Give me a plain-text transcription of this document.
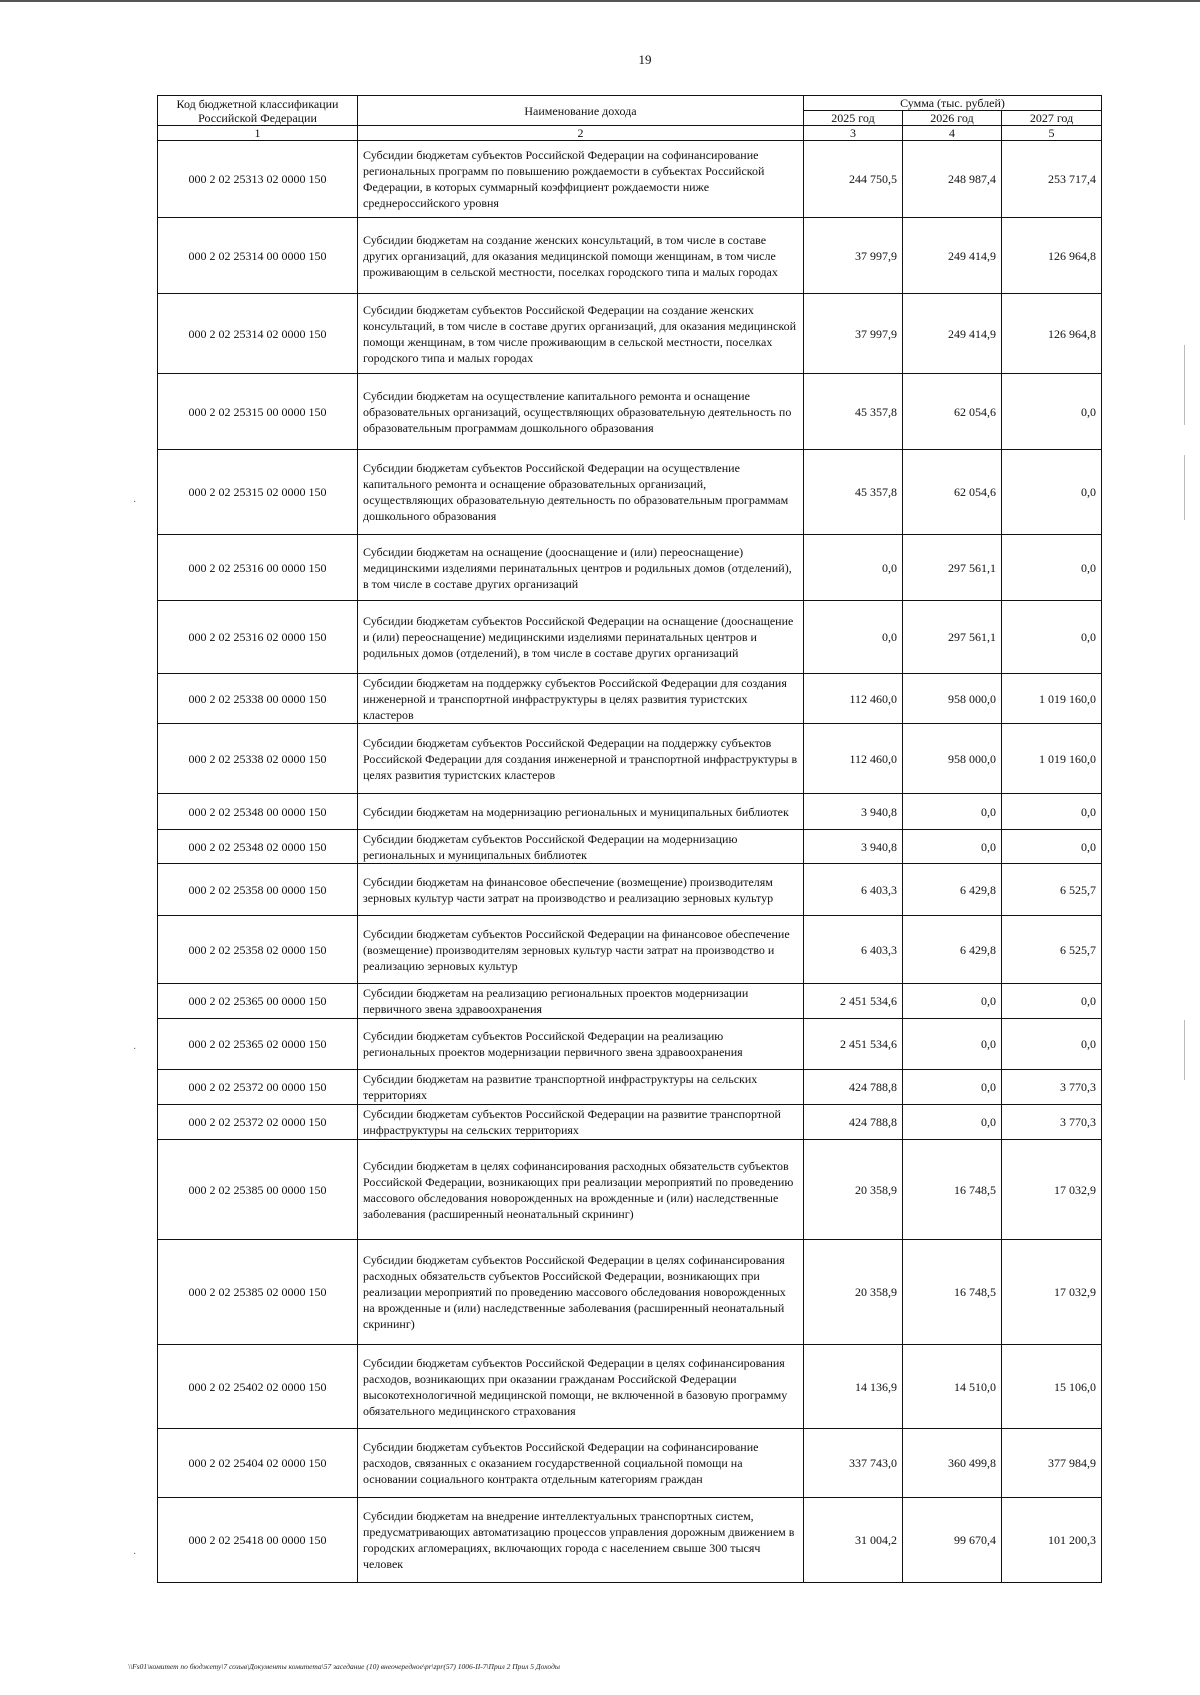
19
Код бюджетной классификации Российской Федерации	Наименование дохода	Сумма (тыс. рублей)		
		2025 год	2026 год	2027 год
1	2	3	4	5
000 2 02 25313 02 0000 150	Субсидии бюджетам субъектов Российской Федерации на софинансирование региональных программ по повышению рождаемости в субъектах Российской Федерации, в которых суммарный коэффициент рождаемости ниже среднероссийского уровня	244 750,5	248 987,4	253 717,4
000 2 02 25314 00 0000 150	Субсидии бюджетам на создание женских консультаций, в том числе в составе других организаций, для оказания медицинской помощи женщинам, в том числе проживающим в сельской местности, поселках городского типа и малых городах	37 997,9	249 414,9	126 964,8
000 2 02 25314 02 0000 150	Субсидии бюджетам субъектов Российской Федерации на создание женских консультаций, в том числе в составе других организаций, для оказания медицинской помощи женщинам, в том числе проживающим в сельской местности, поселках городского типа и малых городах	37 997,9	249 414,9	126 964,8
000 2 02 25315 00 0000 150	Субсидии бюджетам на осуществление капитального ремонта и оснащение образовательных организаций, осуществляющих образовательную деятельность по образовательным программам дошкольного образования	45 357,8	62 054,6	0,0
000 2 02 25315 02 0000 150	Субсидии бюджетам субъектов Российской Федерации на осуществление капитального ремонта и оснащение образовательных организаций, осуществляющих образовательную деятельность по образовательным программам дошкольного образования	45 357,8	62 054,6	0,0
000 2 02 25316 00 0000 150	Субсидии бюджетам на оснащение (дооснащение и (или) переоснащение) медицинскими изделиями перинатальных центров и родильных домов (отделений), в том числе в составе других организаций	0,0	297 561,1	0,0
000 2 02 25316 02 0000 150	Субсидии бюджетам субъектов Российской Федерации на оснащение (дооснащение и (или) переоснащение) медицинскими изделиями перинатальных центров и родильных домов (отделений), в том числе в составе других организаций	0,0	297 561,1	0,0
000 2 02 25338 00 0000 150	Субсидии бюджетам на поддержку субъектов Российской Федерации для создания инженерной и транспортной инфраструктуры в целях развития туристских кластеров	112 460,0	958 000,0	1 019 160,0
000 2 02 25338 02 0000 150	Субсидии бюджетам субъектов Российской Федерации на поддержку субъектов Российской Федерации для создания инженерной и транспортной инфраструктуры в целях развития туристских кластеров	112 460,0	958 000,0	1 019 160,0
000 2 02 25348 00 0000 150	Субсидии бюджетам на модернизацию региональных и муниципальных библиотек	3 940,8	0,0	0,0
000 2 02 25348 02 0000 150	Субсидии бюджетам субъектов Российской Федерации на модернизацию региональных и муниципальных библиотек	3 940,8	0,0	0,0
000 2 02 25358 00 0000 150	Субсидии бюджетам на финансовое обеспечение (возмещение) производителям зерновых культур части затрат на производство и реализацию зерновых культур	6 403,3	6 429,8	6 525,7
000 2 02 25358 02 0000 150	Субсидии бюджетам субъектов Российской Федерации на финансовое обеспечение (возмещение) производителям зерновых культур части затрат на производство и реализацию зерновых культур	6 403,3	6 429,8	6 525,7
000 2 02 25365 00 0000 150	Субсидии бюджетам на реализацию региональных проектов модернизации первичного звена здравоохранения	2 451 534,6	0,0	0,0
000 2 02 25365 02 0000 150	Субсидии бюджетам субъектов Российской Федерации на реализацию региональных проектов модернизации первичного звена здравоохранения	2 451 534,6	0,0	0,0
000 2 02 25372 00 0000 150	Субсидии бюджетам на развитие транспортной инфраструктуры на сельских территориях	424 788,8	0,0	3 770,3
000 2 02 25372 02 0000 150	Субсидии бюджетам субъектов Российской Федерации на развитие транспортной инфраструктуры на сельских территориях	424 788,8	0,0	3 770,3
000 2 02 25385 00 0000 150	Субсидии бюджетам в целях софинансирования расходных обязательств субъектов Российской Федерации, возникающих при реализации мероприятий по проведению массового обследования новорожденных на врожденные и (или) наследственные заболевания (расширенный неонатальный скрининг)	20 358,9	16 748,5	17 032,9
000 2 02 25385 02 0000 150	Субсидии бюджетам субъектов Российской Федерации в целях софинансирования расходных обязательств субъектов Российской Федерации, возникающих при реализации мероприятий по проведению массового обследования новорожденных на врожденные и (или) наследственные заболевания (расширенный неонатальный скрининг)	20 358,9	16 748,5	17 032,9
000 2 02 25402 02 0000 150	Субсидии бюджетам субъектов Российской Федерации в целях софинансирования расходов, возникающих при оказании гражданам Российской Федерации высокотехнологичной медицинской помощи, не включенной в базовую программу обязательного медицинского страхования	14 136,9	14 510,0	15 106,0
000 2 02 25404 02 0000 150	Субсидии бюджетам субъектов Российской Федерации на софинансирование расходов, связанных с оказанием государственной социальной помощи на основании социального контракта отдельным категориям граждан	337 743,0	360 499,8	377 984,9
000 2 02 25418 00 0000 150	Субсидии бюджетам на внедрение интеллектуальных транспортных систем, предусматривающих автоматизацию процессов управления дорожным движением в городских агломерациях, включающих города с населением свыше 300 тысяч человек	31 004,2	99 670,4	101 200,3
·
·
·
\\Fs01\комитет по бюджету\7 созыв\Документы комитета\57 заседание (10) внеочередное\pr\zpr(57) 1006-II-7\Прил 2 Прил 5 Доходы
